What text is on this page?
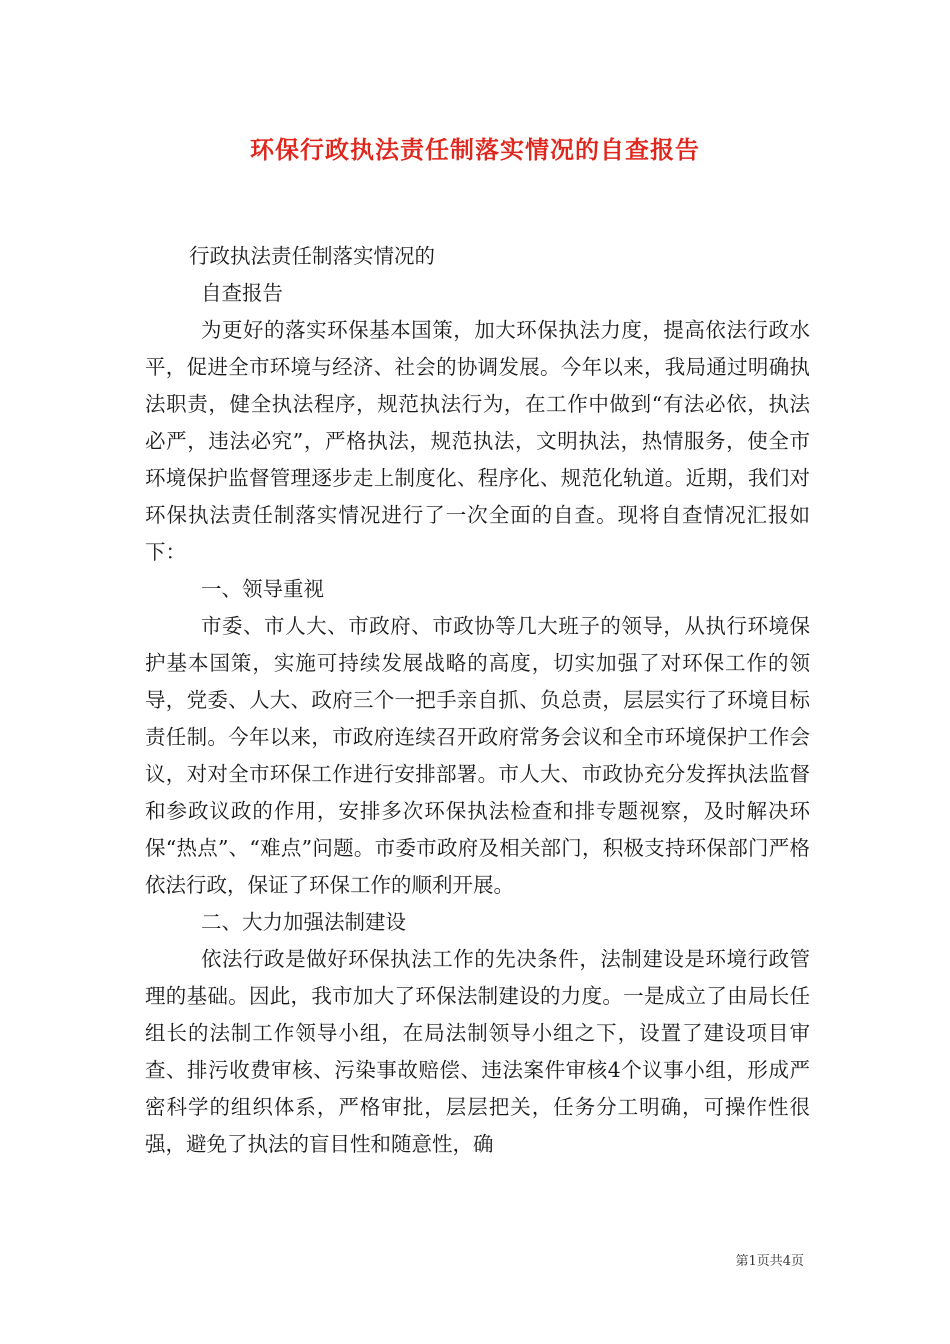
环保行政执法责任制落实情况的自查报告

行政执法责任制落实情况的

自查报告

为更好的落实环保基本国策，加大环保执法力度，提高依法行政水平，促进全市环境与经济、社会的协调发展。今年以来，我局通过明确执法职责，健全执法程序，规范执法行为，在工作中做到“有法必依，执法必严，违法必究”，严格执法，规范执法，文明执法，热情服务，使全市环境保护监督管理逐步走上制度化、程序化、规范化轨道。近期，我们对环保执法责任制落实情况进行了一次全面的自查。现将自查情况汇报如下：

一、领导重视

市委、市人大、市政府、市政协等几大班子的领导，从执行环境保护基本国策，实施可持续发展战略的高度，切实加强了对环保工作的领导，党委、人大、政府三个一把手亲自抓、负总责，层层实行了环境目标责任制。今年以来，市政府连续召开政府常务会议和全市环境保护工作会议，对对全市环保工作进行安排部署。市人大、市政协充分发挥执法监督和参政议政的作用，安排多次环保执法检查和排专题视察，及时解决环保“热点”、“难点”问题。市委市政府及相关部门，积极支持环保部门严格依法行政，保证了环保工作的顺利开展。

二、大力加强法制建设

依法行政是做好环保执法工作的先决条件，法制建设是环境行政管理的基础。因此，我市加大了环保法制建设的力度。一是成立了由局长任组长的法制工作领导小组，在局法制领导小组之下，设置了建设项目审查、排污收费审核、污染事故赔偿、违法案件审核4个议事小组，形成严密科学的组织体系，严格审批，层层把关，任务分工明确，可操作性很强，避免了执法的盲目性和随意性，确

第1页共4页
